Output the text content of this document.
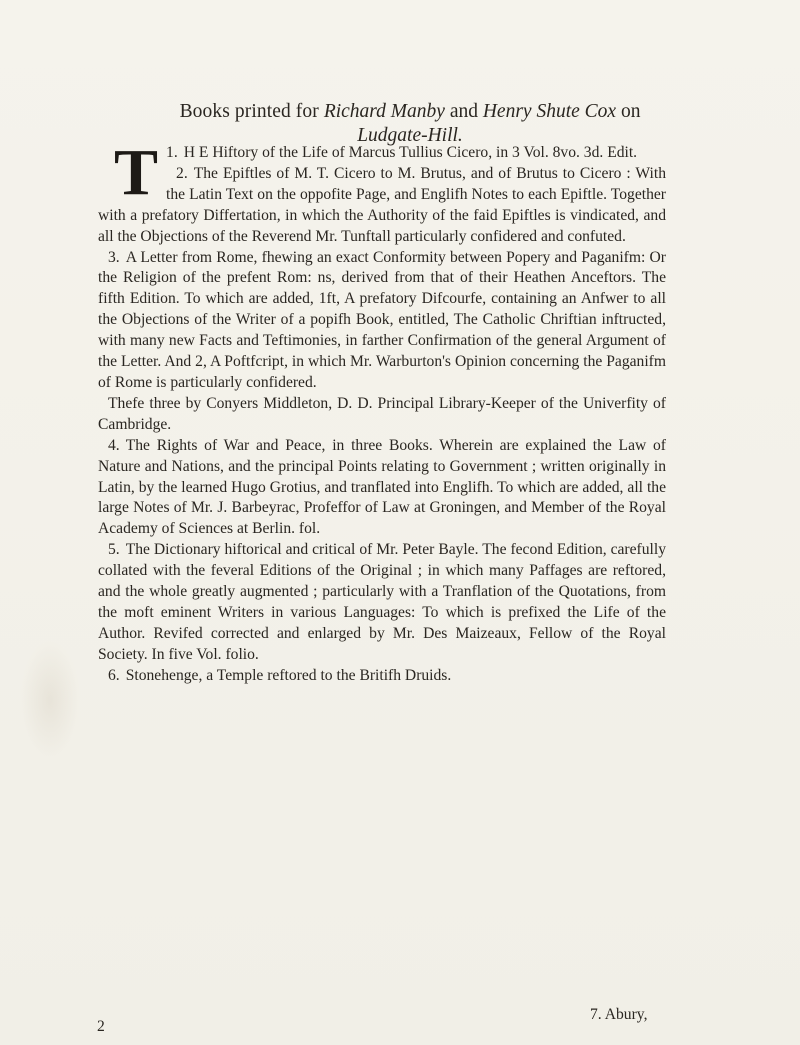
Books printed for Richard Manby and Henry Shute Cox on
Ludgate-Hill.

1.
T H E Hiftory of the Life of Marcus Tullius Cicero, in 3 Vol. 8vo. 3d. Edit.

2. The Epiftles of M. T. Cicero to M. Brutus, and of Brutus to Cicero : With the Latin Text on the oppofite Page, and Englifh Notes to each Epiftle. Together with a prefatory Differtation, in which the Authority of the faid Epiftles is vindicated, and all the Objections of the Reverend Mr. Tunftall particularly confidered and confuted.

3. A Letter from Rome, fhewing an exact Conformity between Popery and Paganifm: Or the Religion of the prefent Rom: ns, derived from that of their Heathen Anceftors. The fifth Edition. To which are added, 1ft, A prefatory Difcourfe, containing an Anfwer to all the Objections of the Writer of a popifh Book, entitled, The Catholic Chriftian inftructed, with many new Facts and Teftimonies, in farther Confirmation of the general Argument of the Letter. And 2, A Poftfcript, in which Mr. Warburton's Opinion concerning the Paganifm of Rome is particularly confidered.

Thefe three by Conyers Middleton, D. D. Principal Library-Keeper of the Univerfity of Cambridge.

4. The Rights of War and Peace, in three Books. Wherein are explained the Law of Nature and Nations, and the principal Points relating to Government ; written originally in Latin, by the learned Hugo Grotius, and tranflated into Englifh. To which are added, all the large Notes of Mr. J. Barbeyrac, Profeffor of Law at Groningen, and Member of the Royal Academy of Sciences at Berlin. fol.

5. The Dictionary hiftorical and critical of Mr. Peter Bayle. The fecond Edition, carefully collated with the feveral Editions of the Original ; in which many Paffages are reftored, and the whole greatly augmented ; particularly with a Tranflation of the Quotations, from the moft eminent Writers in various Languages: To which is prefixed the Life of the Author. Revifed corrected and enlarged by Mr. Des Maizeaux, Fellow of the Royal Society. In five Vol. folio.

6. Stonehenge, a Temple reftored to the Britifh Druids.

7. Abury,
2
